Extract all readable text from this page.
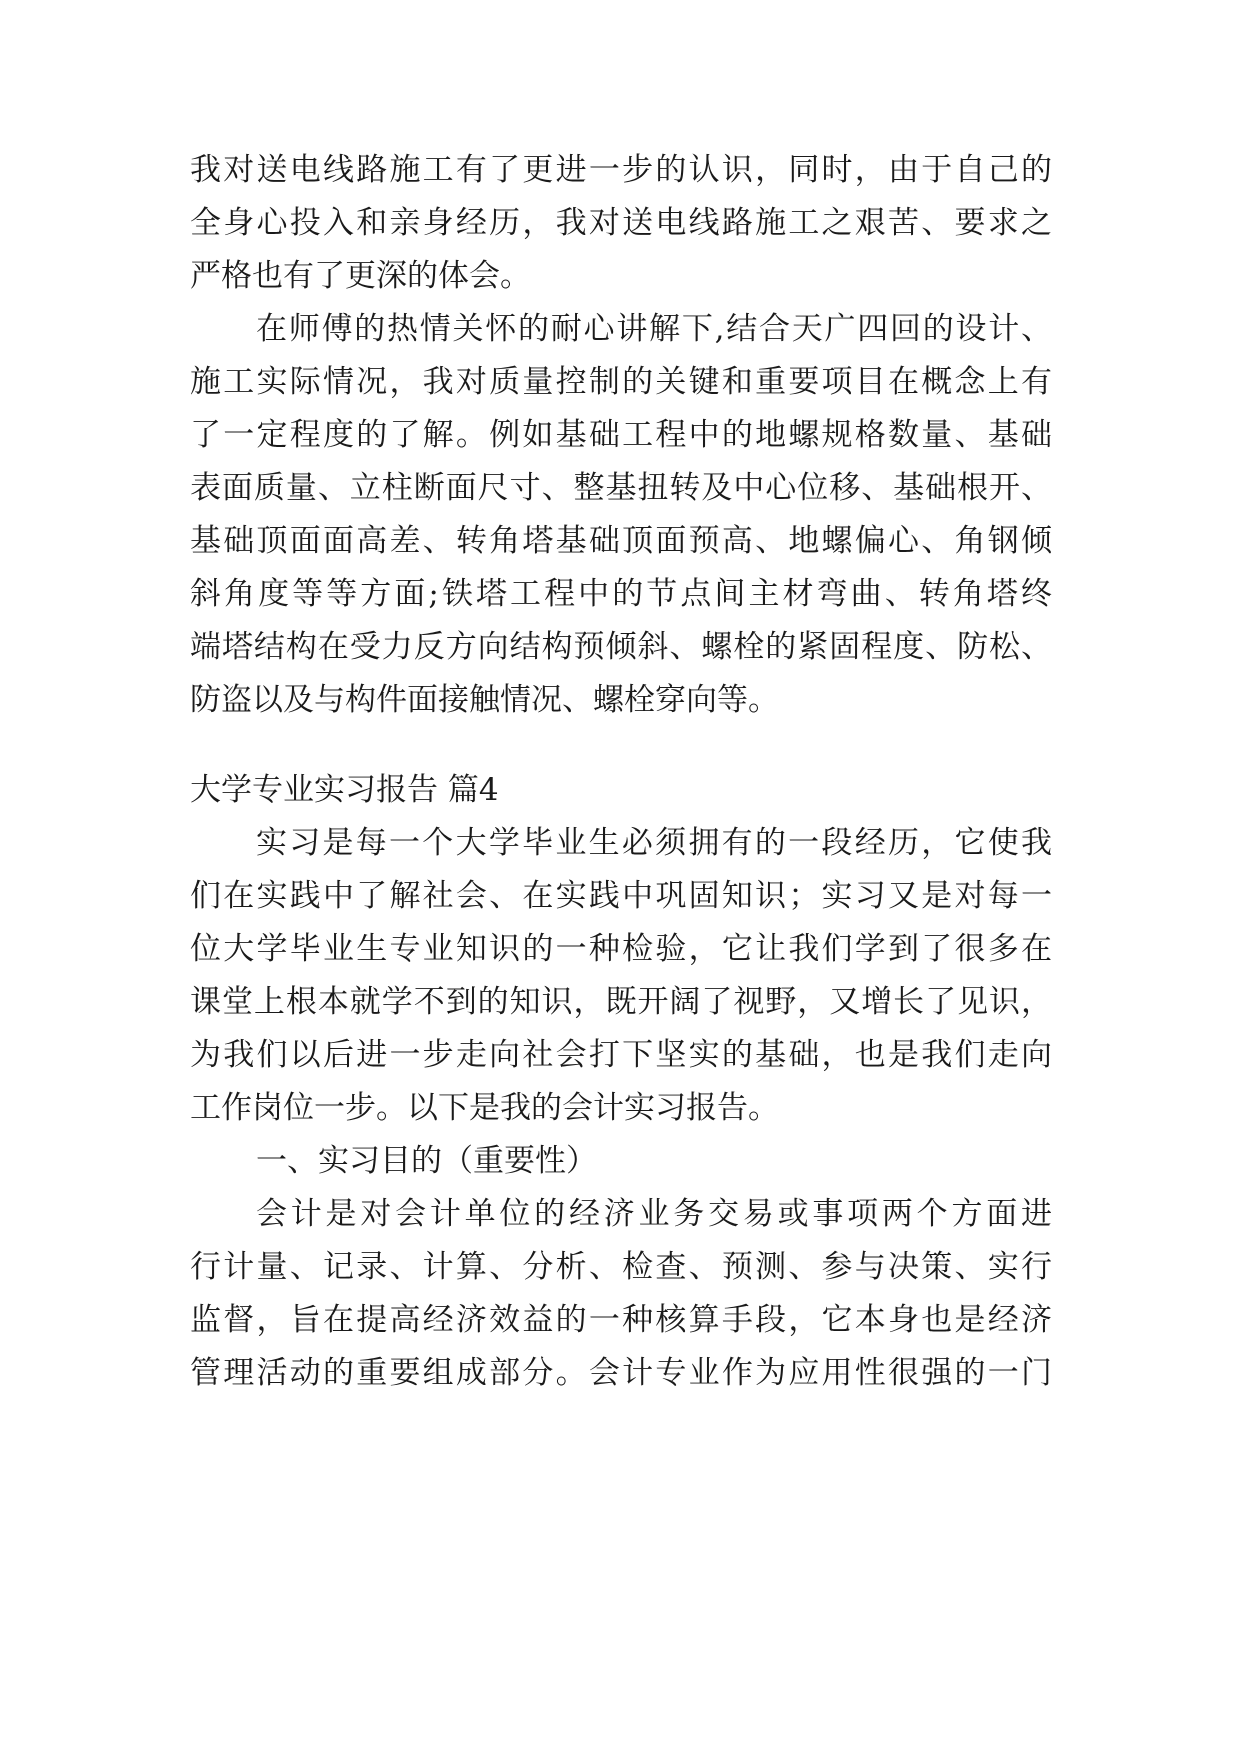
我对送电线路施工有了更进一步的认识，同时，由于自己的
全身心投入和亲身经历，我对送电线路施工之艰苦、要求之
严格也有了更深的体会。
在师傅的热情关怀的耐心讲解下,结合天广四回的设计、
施工实际情况，我对质量控制的关键和重要项目在概念上有
了一定程度的了解。例如基础工程中的地螺规格数量、基础
表面质量、立柱断面尺寸、整基扭转及中心位移、基础根开、
基础顶面面高差、转角塔基础顶面预高、地螺偏心、角钢倾
斜角度等等方面;铁塔工程中的节点间主材弯曲、转角塔终
端塔结构在受力反方向结构预倾斜、螺栓的紧固程度、防松、
防盗以及与构件面接触情况、螺栓穿向等。
大学专业实习报告 篇4
实习是每一个大学毕业生必须拥有的一段经历，它使我
们在实践中了解社会、在实践中巩固知识；实习又是对每一
位大学毕业生专业知识的一种检验，它让我们学到了很多在
课堂上根本就学不到的知识，既开阔了视野，又增长了见识，
为我们以后进一步走向社会打下坚实的基础，也是我们走向
工作岗位一步。以下是我的会计实习报告。
一、实习目的（重要性）
会计是对会计单位的经济业务交易或事项两个方面进
行计量、记录、计算、分析、检查、预测、参与决策、实行
监督，旨在提高经济效益的一种核算手段，它本身也是经济
管理活动的重要组成部分。会计专业作为应用性很强的一门
